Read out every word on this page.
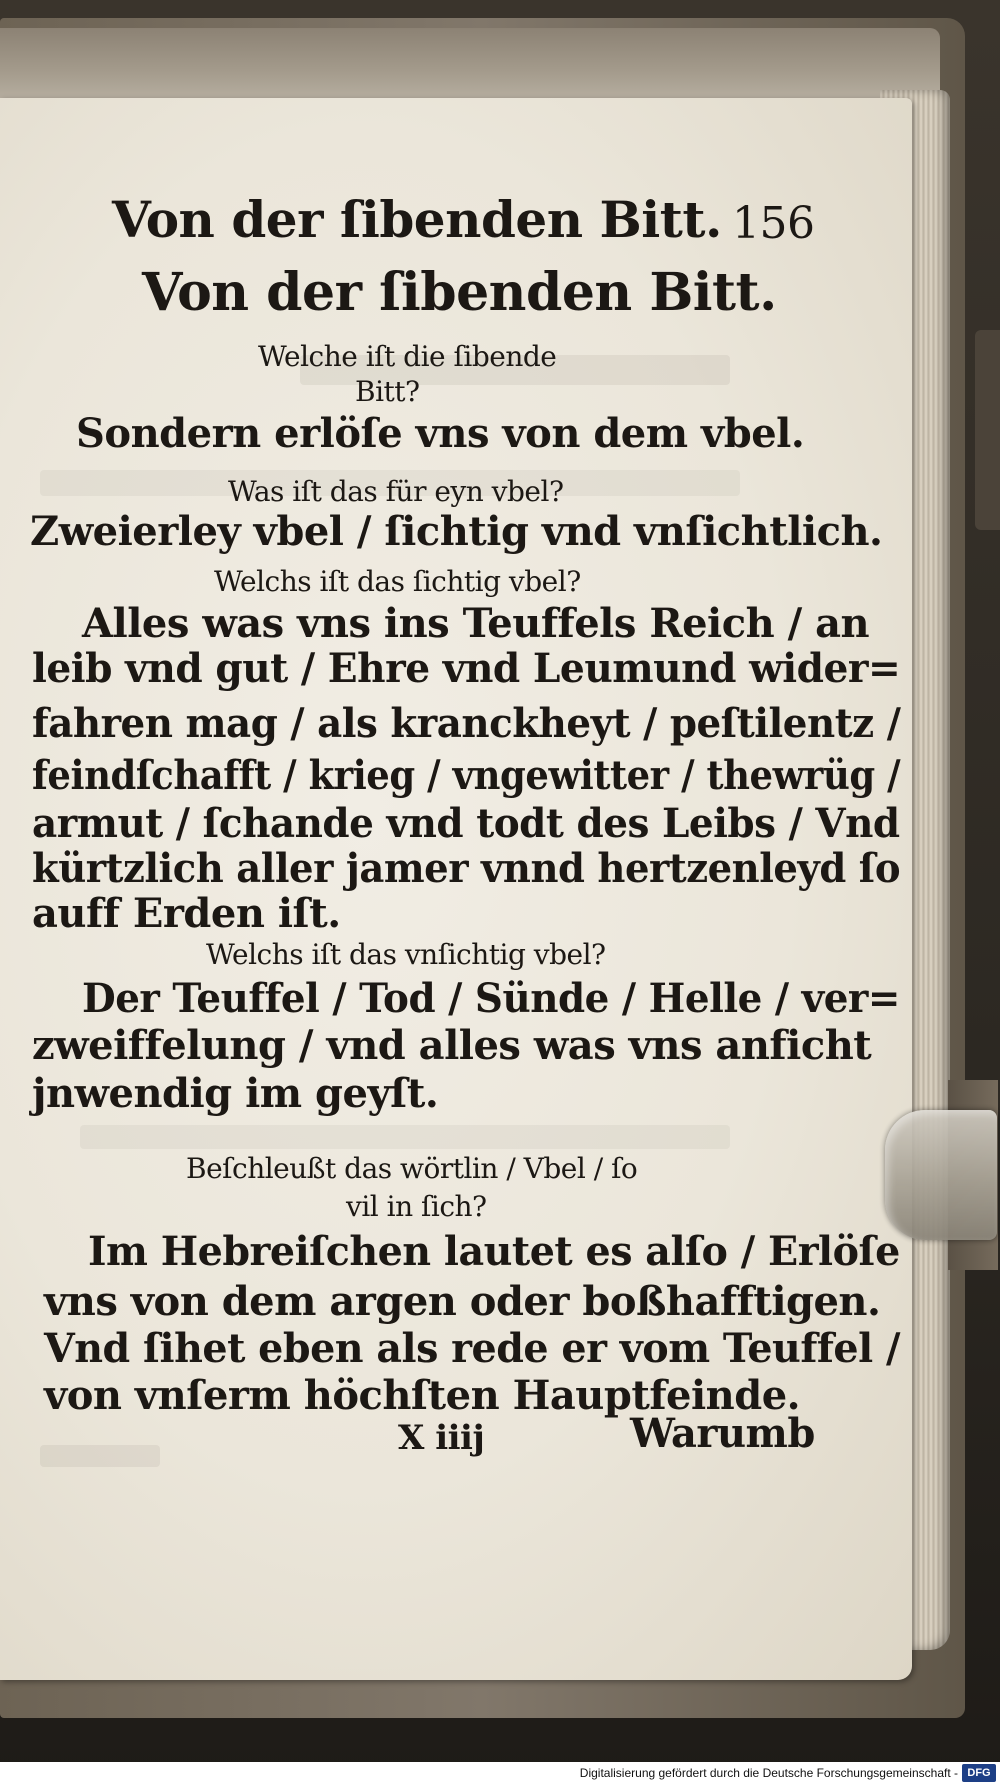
Von der ſibenden Bitt. 156
Von der ſibenden Bitt.
Welche iſt die ſibende
Bitt?
Sondern erlöſe vns von dem vbel.
Was iſt das für eyn vbel?
Zweierley vbel / ſichtig vnd vnſichtlich.
Welchs iſt das ſichtig vbel?
Alles was vns ins Teuffels Reich / an
leib vnd gut / Ehre vnd Leumund wider=
fahren mag / als kranckheyt / peſtilentz /
feindſchafft / krieg / vngewitter / thewrüg /
armut / ſchande vnd todt des Leibs / Vnd
kürtzlich aller jamer vnnd hertzenleyd ſo
auff Erden iſt.
Welchs iſt das vnſichtig vbel?
Der Teuffel / Tod / Sünde / Helle / ver=
zweiffelung / vnd alles was vns anficht
jnwendig im geyſt.
Beſchleußt das wörtlin / Vbel / ſo
vil in ſich?
Im Hebreiſchen lautet es alſo / Erlöſe
vns von dem argen oder boßhafftigen.
Vnd ſihet eben als rede er vom Teuffel /
von vnſerm höchſten Hauptfeinde.
X iiij	Warumb
Digitalisierung gefördert durch die Deutsche Forschungsgemeinschaft - DFG
